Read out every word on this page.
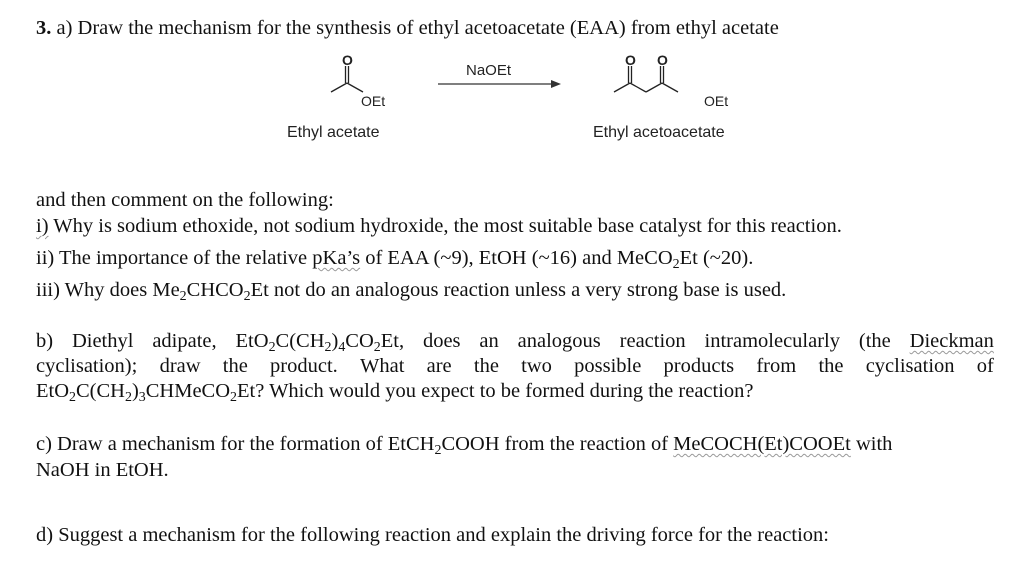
3. a) Draw the mechanism for the synthesis of ethyl acetoacetate (EAA) from ethyl acetate
O
OEt
Ethyl acetate
NaOEt
O O
OEt
Ethyl acetoacetate
and then comment on the following:
i) Why is sodium ethoxide, not sodium hydroxide, the most suitable base catalyst for this reaction.
ii) The importance of the relative pKa’s of EAA (~9), EtOH (~16) and MeCO$_2$Et (~20).
iii) Why does $Me_2CHCO_2Et$ not do an analogous reaction unless a very strong base is used.
b) Diethyl adipate, $EtO_2C(CH_2)_4CO_2Et$, does an analogous reaction intramolecularly (the Dieckman
cyclisation); draw the product. What are the two possible products from the cyclisation of
$EtO_2C(CH_2)_3CHMeCO_2Et$? Which would you expect to be formed during the reaction?
c) Draw a mechanism for the formation of EtCH$_2$COOH from the reaction of MeCOCH(Et)COOEt with
NaOH in EtOH.
d) Suggest a mechanism for the following reaction and explain the driving force for the reaction:
